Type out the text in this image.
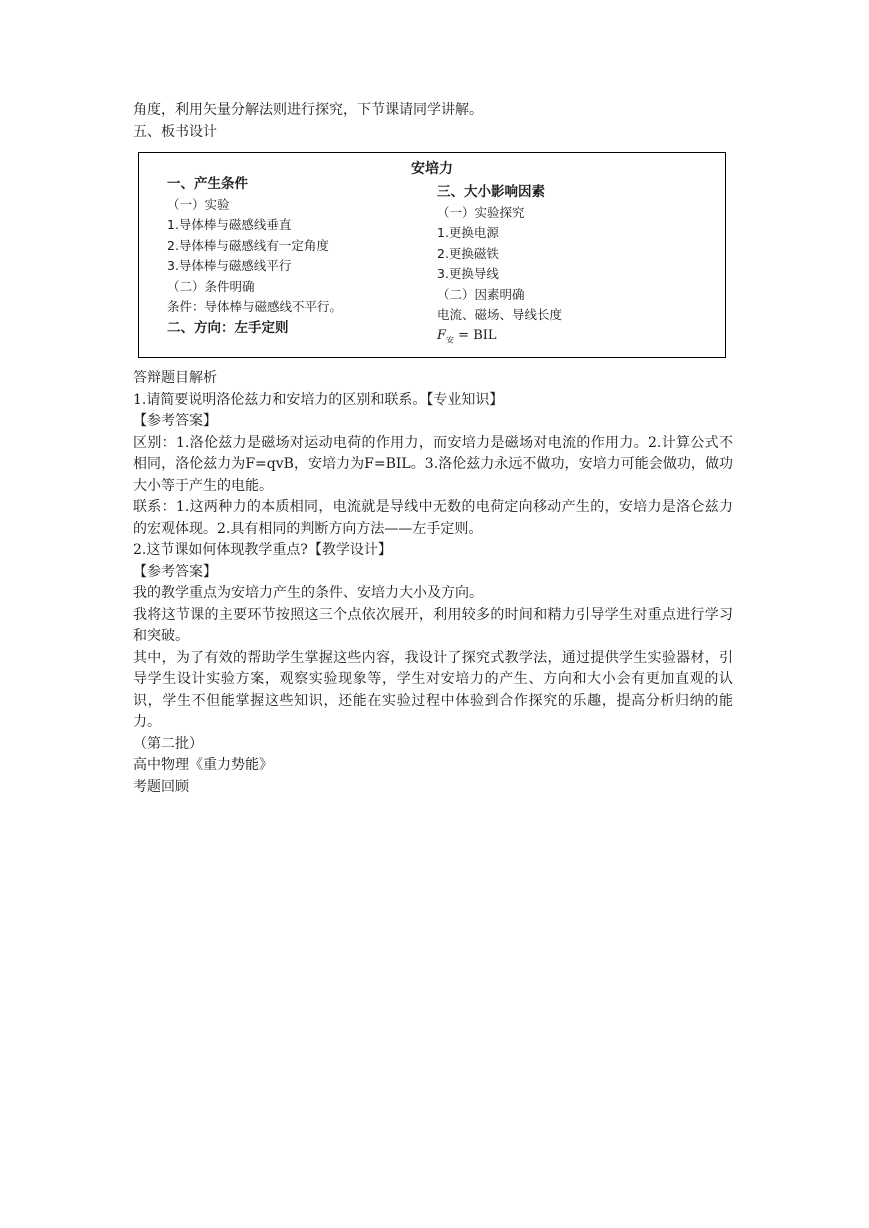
角度，利用矢量分解法则进行探究，下节课请同学讲解。
五、板书设计
安培力
一、产生条件
（一）实验
1.导体棒与磁感线垂直
2.导体棒与磁感线有一定角度
3.导体棒与磁感线平行
（二）条件明确
条件：导体棒与磁感线不平行。
二、方向：左手定则
三、大小影响因素
（一）实验探究
1.更换电源
2.更换磁铁
3.更换导线
（二）因素明确
电流、磁场、导线长度
$F_安$ = BIL
答辩题目解析
1.请简要说明洛伦兹力和安培力的区别和联系。【专业知识】
【参考答案】
区别：1.洛伦兹力是磁场对运动电荷的作用力，而安培力是磁场对电流的作用力。2.计算公式不相同，洛伦兹力为F=qvB，安培力为F=BIL。3.洛伦兹力永远不做功，安培力可能会做功，做功大小等于产生的电能。
联系：1.这两种力的本质相同，电流就是导线中无数的电荷定向移动产生的，安培力是洛仑兹力的宏观体现。2.具有相同的判断方向方法——左手定则。
2.这节课如何体现教学重点?【教学设计】
【参考答案】
我的教学重点为安培力产生的条件、安培力大小及方向。
我将这节课的主要环节按照这三个点依次展开，利用较多的时间和精力引导学生对重点进行学习和突破。
其中，为了有效的帮助学生掌握这些内容，我设计了探究式教学法，通过提供学生实验器材，引导学生设计实验方案，观察实验现象等，学生对安培力的产生、方向和大小会有更加直观的认识，学生不但能掌握这些知识，还能在实验过程中体验到合作探究的乐趣，提高分析归纳的能力。
（第二批）
高中物理《重力势能》
考题回顾
